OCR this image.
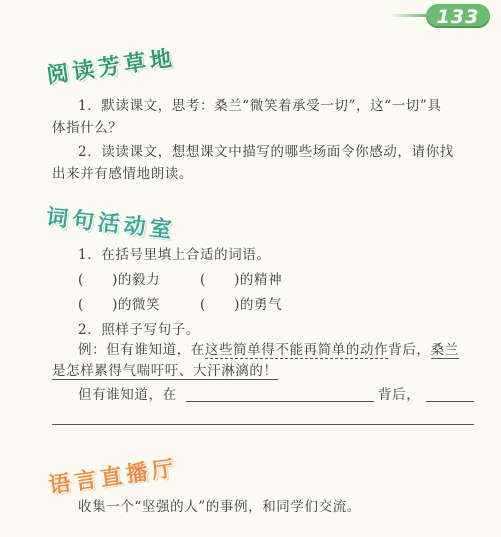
133
阅读芳草地
1．默读课文，思考：桑兰“微笑着承受一切”，这“一切”具
体指什么？
2．读读课文，想想课文中描写的哪些场面令你感动，请你找
出来并有感情地朗读。
词句活动室
1．在括号里填上合适的词语。
(　　)的毅力	(　　)的精神
(　　)的微笑	(　　)的勇气
2．照样子写句子。
例：但有谁知道，在这些简单得不能再简单的动作背后，桑兰
是怎样累得气喘吁吁、大汗淋漓的！
但有谁知道，在	背后，
语言直播厅
收集一个“坚强的人”的事例，和同学们交流。
